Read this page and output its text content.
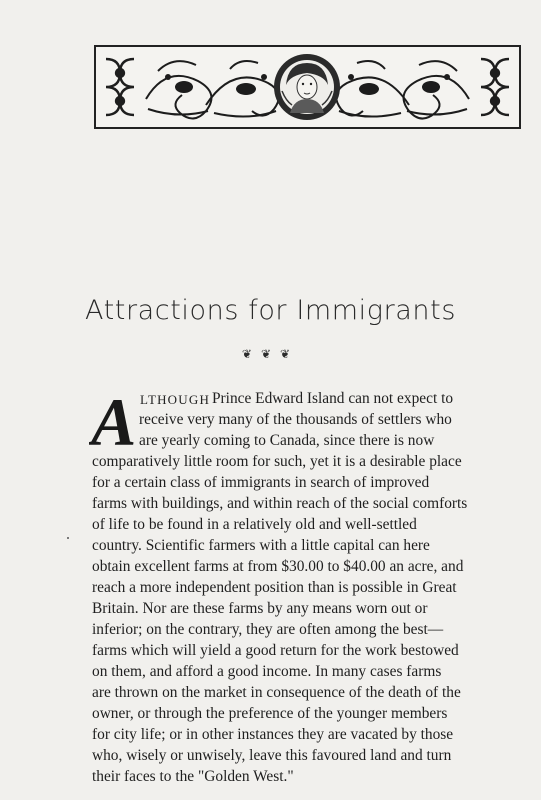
Attractions for Immigrants
❦❦❦
A LTHOUGH Prince Edward Island can not expect to
receive very many of the thousands of settlers who
are yearly coming to Canada, since there is now
comparatively little room for such, yet it is a desirable place
for a certain class of immigrants in search of improved
farms with buildings, and within reach of the social comforts
of life to be found in a relatively old and well-settled
country. Scientific farmers with a little capital can here
obtain excellent farms at from $30.00 to $40.00 an acre, and
reach a more independent position than is possible in Great
Britain. Nor are these farms by any means worn out or
inferior; on the contrary, they are often among the best—
farms which will yield a good return for the work bestowed
on them, and afford a good income. In many cases farms
are thrown on the market in consequence of the death of the
owner, or through the preference of the younger members
for city life; or in other instances they are vacated by those
who, wisely or unwisely, leave this favoured land and turn
their faces to the "Golden West."
